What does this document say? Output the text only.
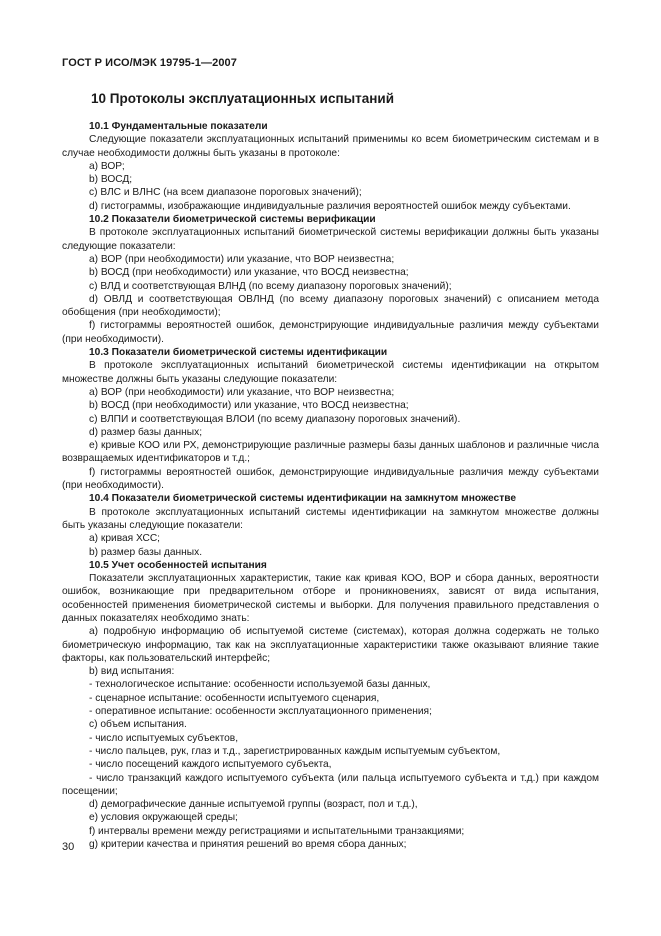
ГОСТ Р ИСО/МЭК 19795-1—2007
10 Протоколы эксплуатационных испытаний

10.1 Фундаментальные показатели

Следующие показатели эксплуатационных испытаний применимы ко всем биометрическим системам и в случае необходимости должны быть указаны в протоколе:

a) ВОР;

b) ВОСД;

c) ВЛС и ВЛНС (на всем диапазоне пороговых значений);

d) гистограммы, изображающие индивидуальные различия вероятностей ошибок между субъектами.

10.2 Показатели биометрической системы верификации

В протоколе эксплуатационных испытаний биометрической системы верификации должны быть указаны следующие показатели:

a) ВОР (при необходимости) или указание, что ВОР неизвестна;

b) ВОСД (при необходимости) или указание, что ВОСД неизвестна;

c) ВЛД и соответствующая ВЛНД (по всему диапазону пороговых значений);

d) ОВЛД и соответствующая ОВЛНД (по всему диапазону пороговых значений) с описанием метода обобщения (при необходимости);

f) гистограммы вероятностей ошибок, демонстрирующие индивидуальные различия между субъектами (при необходимости).

10.3 Показатели биометрической системы идентификации

В протоколе эксплуатационных испытаний биометрической системы идентификации на открытом множестве должны быть указаны следующие показатели:

a) ВОР (при необходимости) или указание, что ВОР неизвестна;

b) ВОСД (при необходимости) или указание, что ВОСД неизвестна;

c) ВЛПИ и соответствующая ВЛОИ (по всему диапазону пороговых значений).

d) размер базы данных;

e) кривые КОО или РХ, демонстрирующие различные размеры базы данных шаблонов и различные числа возвращаемых идентификаторов и т.д.;

f) гистограммы вероятностей ошибок, демонстрирующие индивидуальные различия между субъектами (при необходимости).

10.4 Показатели биометрической системы идентификации на замкнутом множестве

В протоколе эксплуатационных испытаний системы идентификации на замкнутом множестве должны быть указаны следующие показатели:

a) кривая ХСС;

b) размер базы данных.

10.5 Учет особенностей испытания

Показатели эксплуатационных характеристик, такие как кривая КОО, ВОР и сбора данных, вероятности ошибок, возникающие при предварительном отборе и проникновениях, зависят от вида испытания, особенностей применения биометрической системы и выборки. Для получения правильного представления о данных показателях необходимо знать:

a) подробную информацию об испытуемой системе (системах), которая должна содержать не только биометрическую информацию, так как на эксплуатационные характеристики также оказывают влияние такие факторы, как пользовательский интерфейс;

b) вид испытания:

- технологическое испытание: особенности используемой базы данных,

- сценарное испытание: особенности испытуемого сценария,

- оперативное испытание: особенности эксплуатационного применения;

c) объем испытания.

- число испытуемых субъектов,

- число пальцев, рук, глаз и т.д., зарегистрированных каждым испытуемым субъектом,

- число посещений каждого испытуемого субъекта,

- число транзакций каждого испытуемого субъекта (или пальца испытуемого субъекта и т.д.) при каждом посещении;

d) демографические данные испытуемой группы (возраст, пол и т.д.),

e) условия окружающей среды;

f) интервалы времени между регистрациями и испытательными транзакциями;

g) критерии качества и принятия решений во время сбора данных;

30
